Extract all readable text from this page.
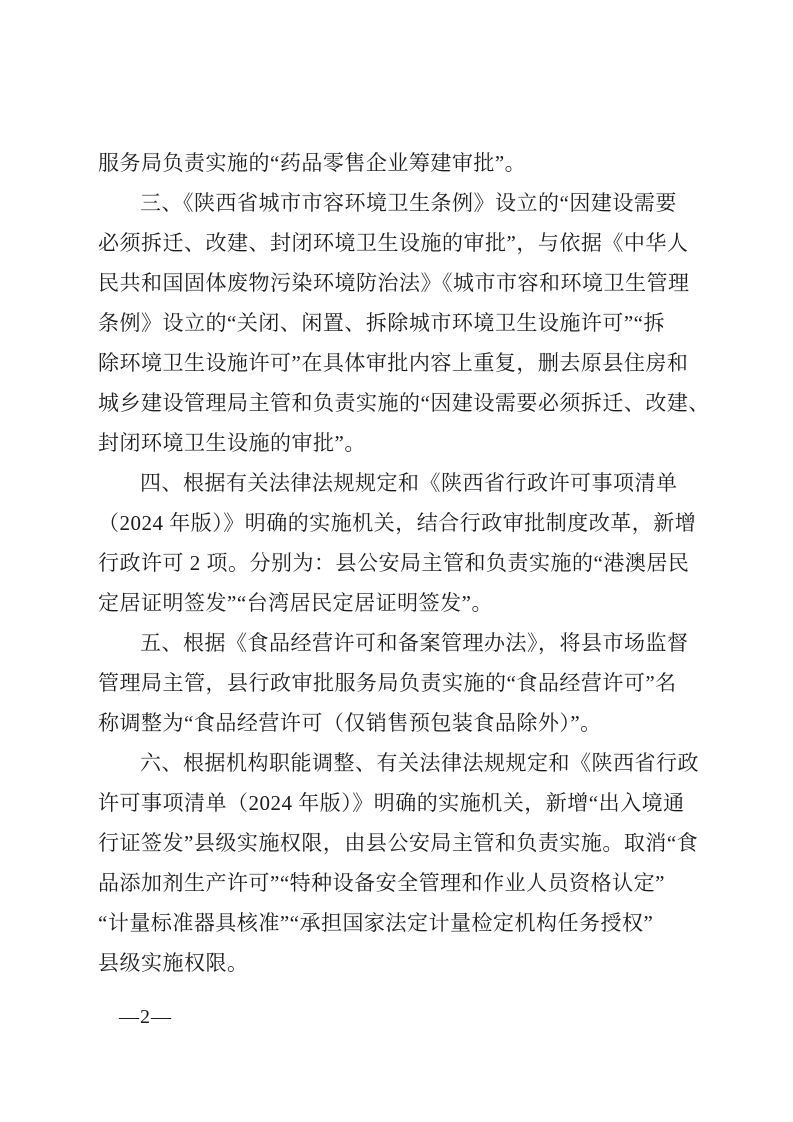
服务局负责实施的“药品零售企业筹建审批”。
三、《陕西省城市市容环境卫生条例》设立的“因建设需要
必须拆迁、改建、封闭环境卫生设施的审批”，与依据《中华人
民共和国固体废物污染环境防治法》《城市市容和环境卫生管理
条例》设立的“关闭、闲置、拆除城市环境卫生设施许可”“拆
除环境卫生设施许可”在具体审批内容上重复，删去原县住房和
城乡建设管理局主管和负责实施的“因建设需要必须拆迁、改建、
封闭环境卫生设施的审批”。
四、根据有关法律法规规定和《陕西省行政许可事项清单
（2024 年版）》明确的实施机关，结合行政审批制度改革，新增
行政许可 2 项。分别为：县公安局主管和负责实施的“港澳居民
定居证明签发”“台湾居民定居证明签发”。
五、根据《食品经营许可和备案管理办法》，将县市场监督
管理局主管，县行政审批服务局负责实施的“食品经营许可”名
称调整为“食品经营许可（仅销售预包装食品除外）”。
六、根据机构职能调整、有关法律法规规定和《陕西省行政
许可事项清单（2024 年版）》明确的实施机关，新增“出入境通
行证签发”县级实施权限，由县公安局主管和负责实施。取消“食
品添加剂生产许可”“特种设备安全管理和作业人员资格认定”
“计量标准器具核准”“承担国家法定计量检定机构任务授权”
县级实施权限。
—2—
